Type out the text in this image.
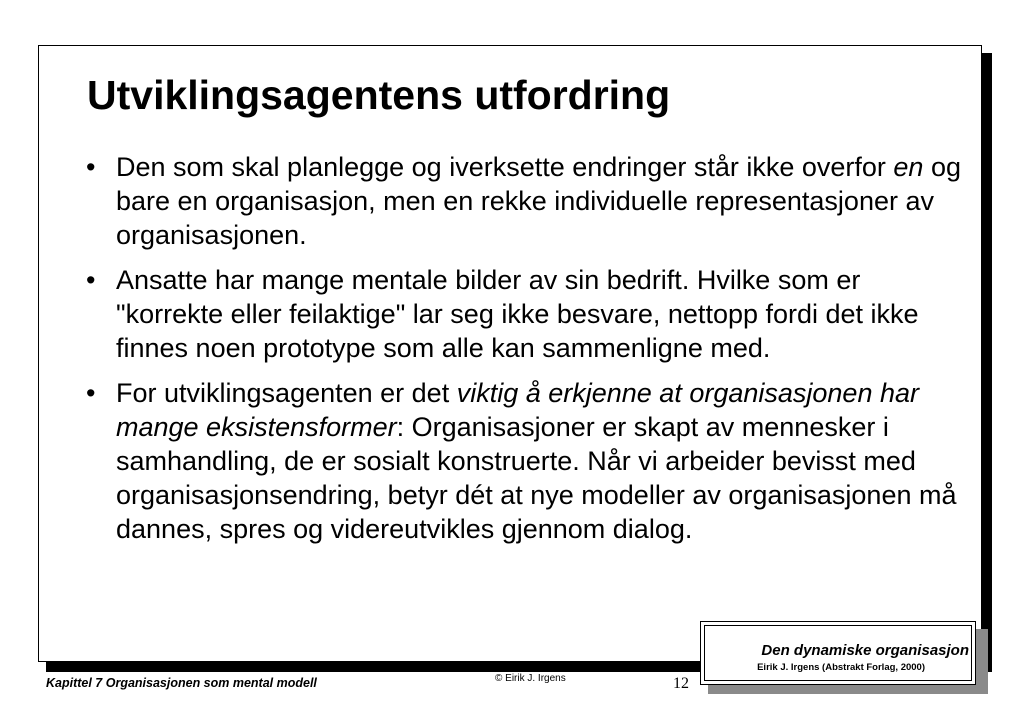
Utviklingsagentens utfordring
• Den som skal planlegge og iverksette endringer står ikke overfor en og bare en organisasjon, men en rekke individuelle representasjoner av organisasjonen.
• Ansatte har mange mentale bilder av sin bedrift. Hvilke som er "korrekte eller feilaktige" lar seg ikke besvare, nettopp fordi det ikke finnes noen prototype som alle kan sammenligne med.
• For utviklingsagenten er det viktig å erkjenne at organisasjonen har mange eksistensformer: Organisasjoner er skapt av mennesker i samhandling, de er sosialt konstruerte. Når vi arbeider bevisst med organisasjonsendring, betyr dét at nye modeller av organisasjonen må dannes, spres og videreutvikles gjennom dialog.
Den dynamiske organisasjon
Eirik J. Irgens (Abstrakt Forlag, 2000)
Kapittel 7 Organisasjonen som mental modell	© Eirik J. Irgens	12
